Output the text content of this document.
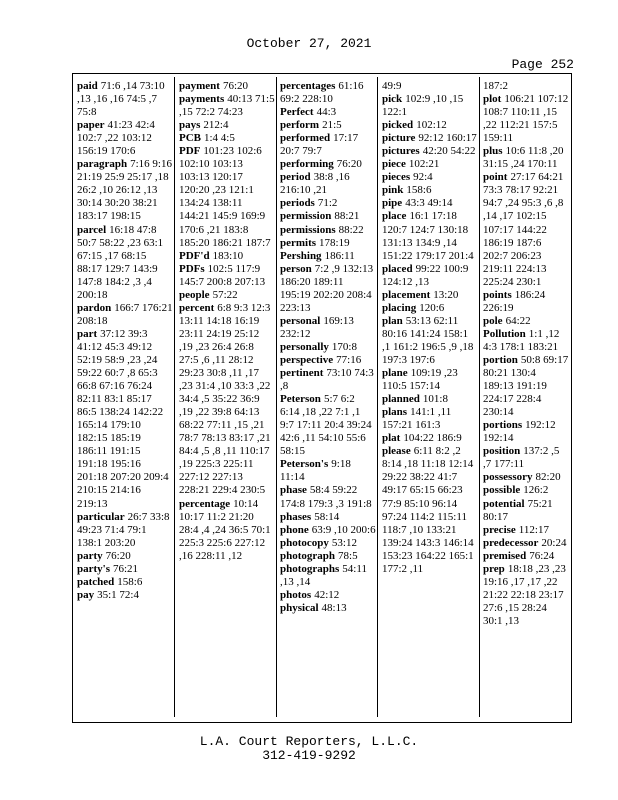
October 27, 2021
Page 252

paid 71:6 ,14 73:10 ,13 ,16 ,16 74:5 ,7 75:8

paper 41:23 42:4 102:7 ,22 103:12 156:19 170:6

paragraph 7:16 9:16 21:19 25:9 25:17 ,18 26:2 ,10 26:12 ,13 30:14 30:20 38:21 183:17 198:15

parcel 16:18 47:8 50:7 58:22 ,23 63:1 67:15 ,17 68:15 88:17 129:7 143:9 147:8 184:2 ,3 ,4 200:18

pardon 166:7 176:21 208:18

part 37:12 39:3 41:12 45:3 49:12 52:19 58:9 ,23 ,24 59:22 60:7 ,8 65:3 66:8 67:16 76:24 82:11 83:1 85:17 86:5 138:24 142:22 165:14 179:10 182:15 185:19 186:11 191:15 191:18 195:16 201:18 207:20 209:4 210:15 214:16 219:13

particular 26:7 33:8 49:23 71:4 79:1 138:1 203:20

party 76:20

party's 76:21

patched 158:6

pay 35:1 72:4

payment 76:20

payments 40:13 71:5 ,15 72:2 74:23

pays 212:4

PCB 1:4 4:5

PDF 101:23 102:6 102:10 103:13 103:13 120:17 120:20 ,23 121:1 134:24 138:11 144:21 145:9 169:9 170:6 ,21 183:8 185:20 186:21 187:7

PDF'd 183:10

PDFs 102:5 117:9 145:7 200:8 207:13

people 57:22

percent 6:8 9:3 12:3 13:11 14:18 16:19 23:11 24:19 25:12 ,19 ,23 26:4 26:8 27:5 ,6 ,11 28:12 29:23 30:8 ,11 ,17 ,23 31:4 ,10 33:3 ,22 34:4 ,5 35:22 36:9 ,19 ,22 39:8 64:13 68:22 77:11 ,15 ,21 78:7 78:13 83:17 ,21 84:4 ,5 ,8 ,11 110:17 ,19 225:3 225:11 227:12 227:13 228:21 229:4 230:5

percentage 10:14 10:17 11:2 21:20 28:4 ,4 ,24 36:5 70:1 225:3 225:6 227:12 ,16 228:11 ,12

percentages 61:16 69:2 228:10

Perfect 44:3

perform 21:5

performed 17:17 20:7 79:7

performing 76:20

period 38:8 ,16 216:10 ,21

periods 71:2

permission 88:21

permissions 88:22

permits 178:19

Pershing 186:11

person 7:2 ,9 132:13 186:20 189:11 195:19 202:20 208:4 223:13

personal 169:13 232:12

personally 170:8

perspective 77:16

pertinent 73:10 74:3 ,8

Peterson 5:7 6:2 6:14 ,18 ,22 7:1 ,1 9:7 17:11 20:4 39:24 42:6 ,11 54:10 55:6 58:15

Peterson's 9:18 11:14

phase 58:4 59:22 174:8 179:3 ,3 191:8

phases 58:14

phone 63:9 ,10 200:6

photocopy 53:12

photograph 78:5

photographs 54:11 ,13 ,14

photos 42:12

physical 48:13

49:9

pick 102:9 ,10 ,15 122:1

picked 102:12

picture 92:12 160:17

pictures 42:20 54:22

piece 102:21

pieces 92:4

pink 158:6

pipe 43:3 49:14

place 16:1 17:18 120:7 124:7 130:18 131:13 134:9 ,14 151:22 179:17 201:4

placed 99:22 100:9 124:12 ,13

placement 13:20

placing 120:6

plan 53:13 62:11 80:16 141:24 158:1 ,1 161:2 196:5 ,9 ,18 197:3 197:6

plane 109:19 ,23 110:5 157:14

planned 101:8

plans 141:1 ,11 157:21 161:3

plat 104:22 186:9

please 6:11 8:2 ,2 8:14 ,18 11:18 12:14 29:22 38:22 41:7 49:17 65:15 66:23 77:9 85:10 96:14 97:24 114:2 115:11 118:7 ,10 133:21 139:24 143:3 146:14 153:23 164:22 165:1 177:2 ,11

187:2

plot 106:21 107:12 108:7 110:11 ,15 ,22 112:21 157:5 159:11

plus 10:6 11:8 ,20 31:15 ,24 170:11

point 27:17 64:21 73:3 78:17 92:21 94:7 ,24 95:3 ,6 ,8 ,14 ,17 102:15 107:17 144:22 186:19 187:6 202:7 206:23 219:11 224:13 225:24 230:1

points 186:24 226:19

pole 64:22

Pollution 1:1 ,12 4:3 178:1 183:21

portion 50:8 69:17 80:21 130:4 189:13 191:19 224:17 228:4 230:14

portions 192:12 192:14

position 137:2 ,5 ,7 177:11

possessory 82:20

possible 126:2

potential 75:21 80:17

precise 112:17

predecessor 20:24

premised 76:24

prep 18:18 ,23 ,23 19:16 ,17 ,17 ,22 21:22 22:18 23:17 27:6 ,15 28:24 30:1 ,13

L.A. Court Reporters, L.L.C.
312-419-9292
